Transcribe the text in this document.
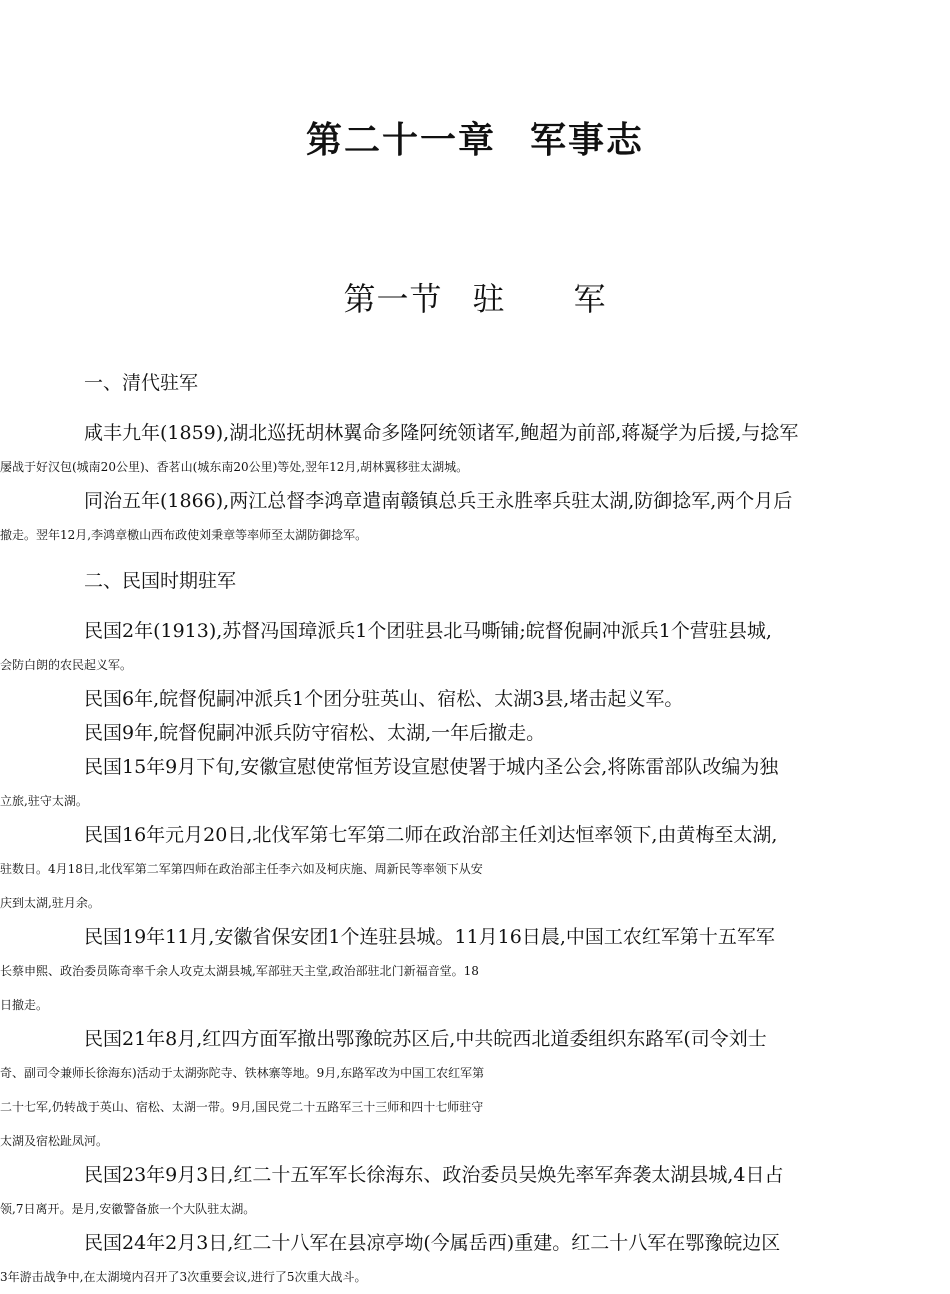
第二十一章 军事志
第一节 驻 军
一、清代驻军
咸丰九年(1859),湖北巡抚胡林翼命多隆阿统领诸军,鲍超为前部,蒋凝学为后援,与捻军
屡战于好汉包(城南20公里)、香茗山(城东南20公里)等处,翌年12月,胡林翼移驻太湖城。
同治五年(1866),两江总督李鸿章遣南赣镇总兵王永胜率兵驻太湖,防御捻军,两个月后
撤走。翌年12月,李鸿章檄山西布政使刘秉章等率师至太湖防御捻军。
二、民国时期驻军
民国2年(1913),苏督冯国璋派兵1个团驻县北马嘶铺;皖督倪嗣冲派兵1个营驻县城,
会防白朗的农民起义军。
民国6年,皖督倪嗣冲派兵1个团分驻英山、宿松、太湖3县,堵击起义军。
民国9年,皖督倪嗣冲派兵防守宿松、太湖,一年后撤走。
民国15年9月下旬,安徽宣慰使常恒芳设宣慰使署于城内圣公会,将陈雷部队改编为独
立旅,驻守太湖。
民国16年元月20日,北伐军第七军第二师在政治部主任刘达恒率领下,由黄梅至太湖,
驻数日。4月18日,北伐军第二军第四师在政治部主任李六如及柯庆施、周新民等率领下从安
庆到太湖,驻月余。
民国19年11月,安徽省保安团1个连驻县城。11月16日晨,中国工农红军第十五军军
长蔡申熙、政治委员陈奇率千余人攻克太湖县城,军部驻天主堂,政治部驻北门新福音堂。18
日撤走。
民国21年8月,红四方面军撤出鄂豫皖苏区后,中共皖西北道委组织东路军(司令刘士
奇、副司令兼师长徐海东)活动于太湖弥陀寺、铁林寨等地。9月,东路军改为中国工农红军第
二十七军,仍转战于英山、宿松、太湖一带。9月,国民党二十五路军三十三师和四十七师驻守
太湖及宿松趾凤河。
民国23年9月3日,红二十五军军长徐海东、政治委员吴焕先率军奔袭太湖县城,4日占
领,7日离开。是月,安徽警备旅一个大队驻太湖。
民国24年2月3日,红二十八军在县凉亭坳(今属岳西)重建。红二十八军在鄂豫皖边区
3年游击战争中,在太湖境内召开了3次重要会议,进行了5次重大战斗。
